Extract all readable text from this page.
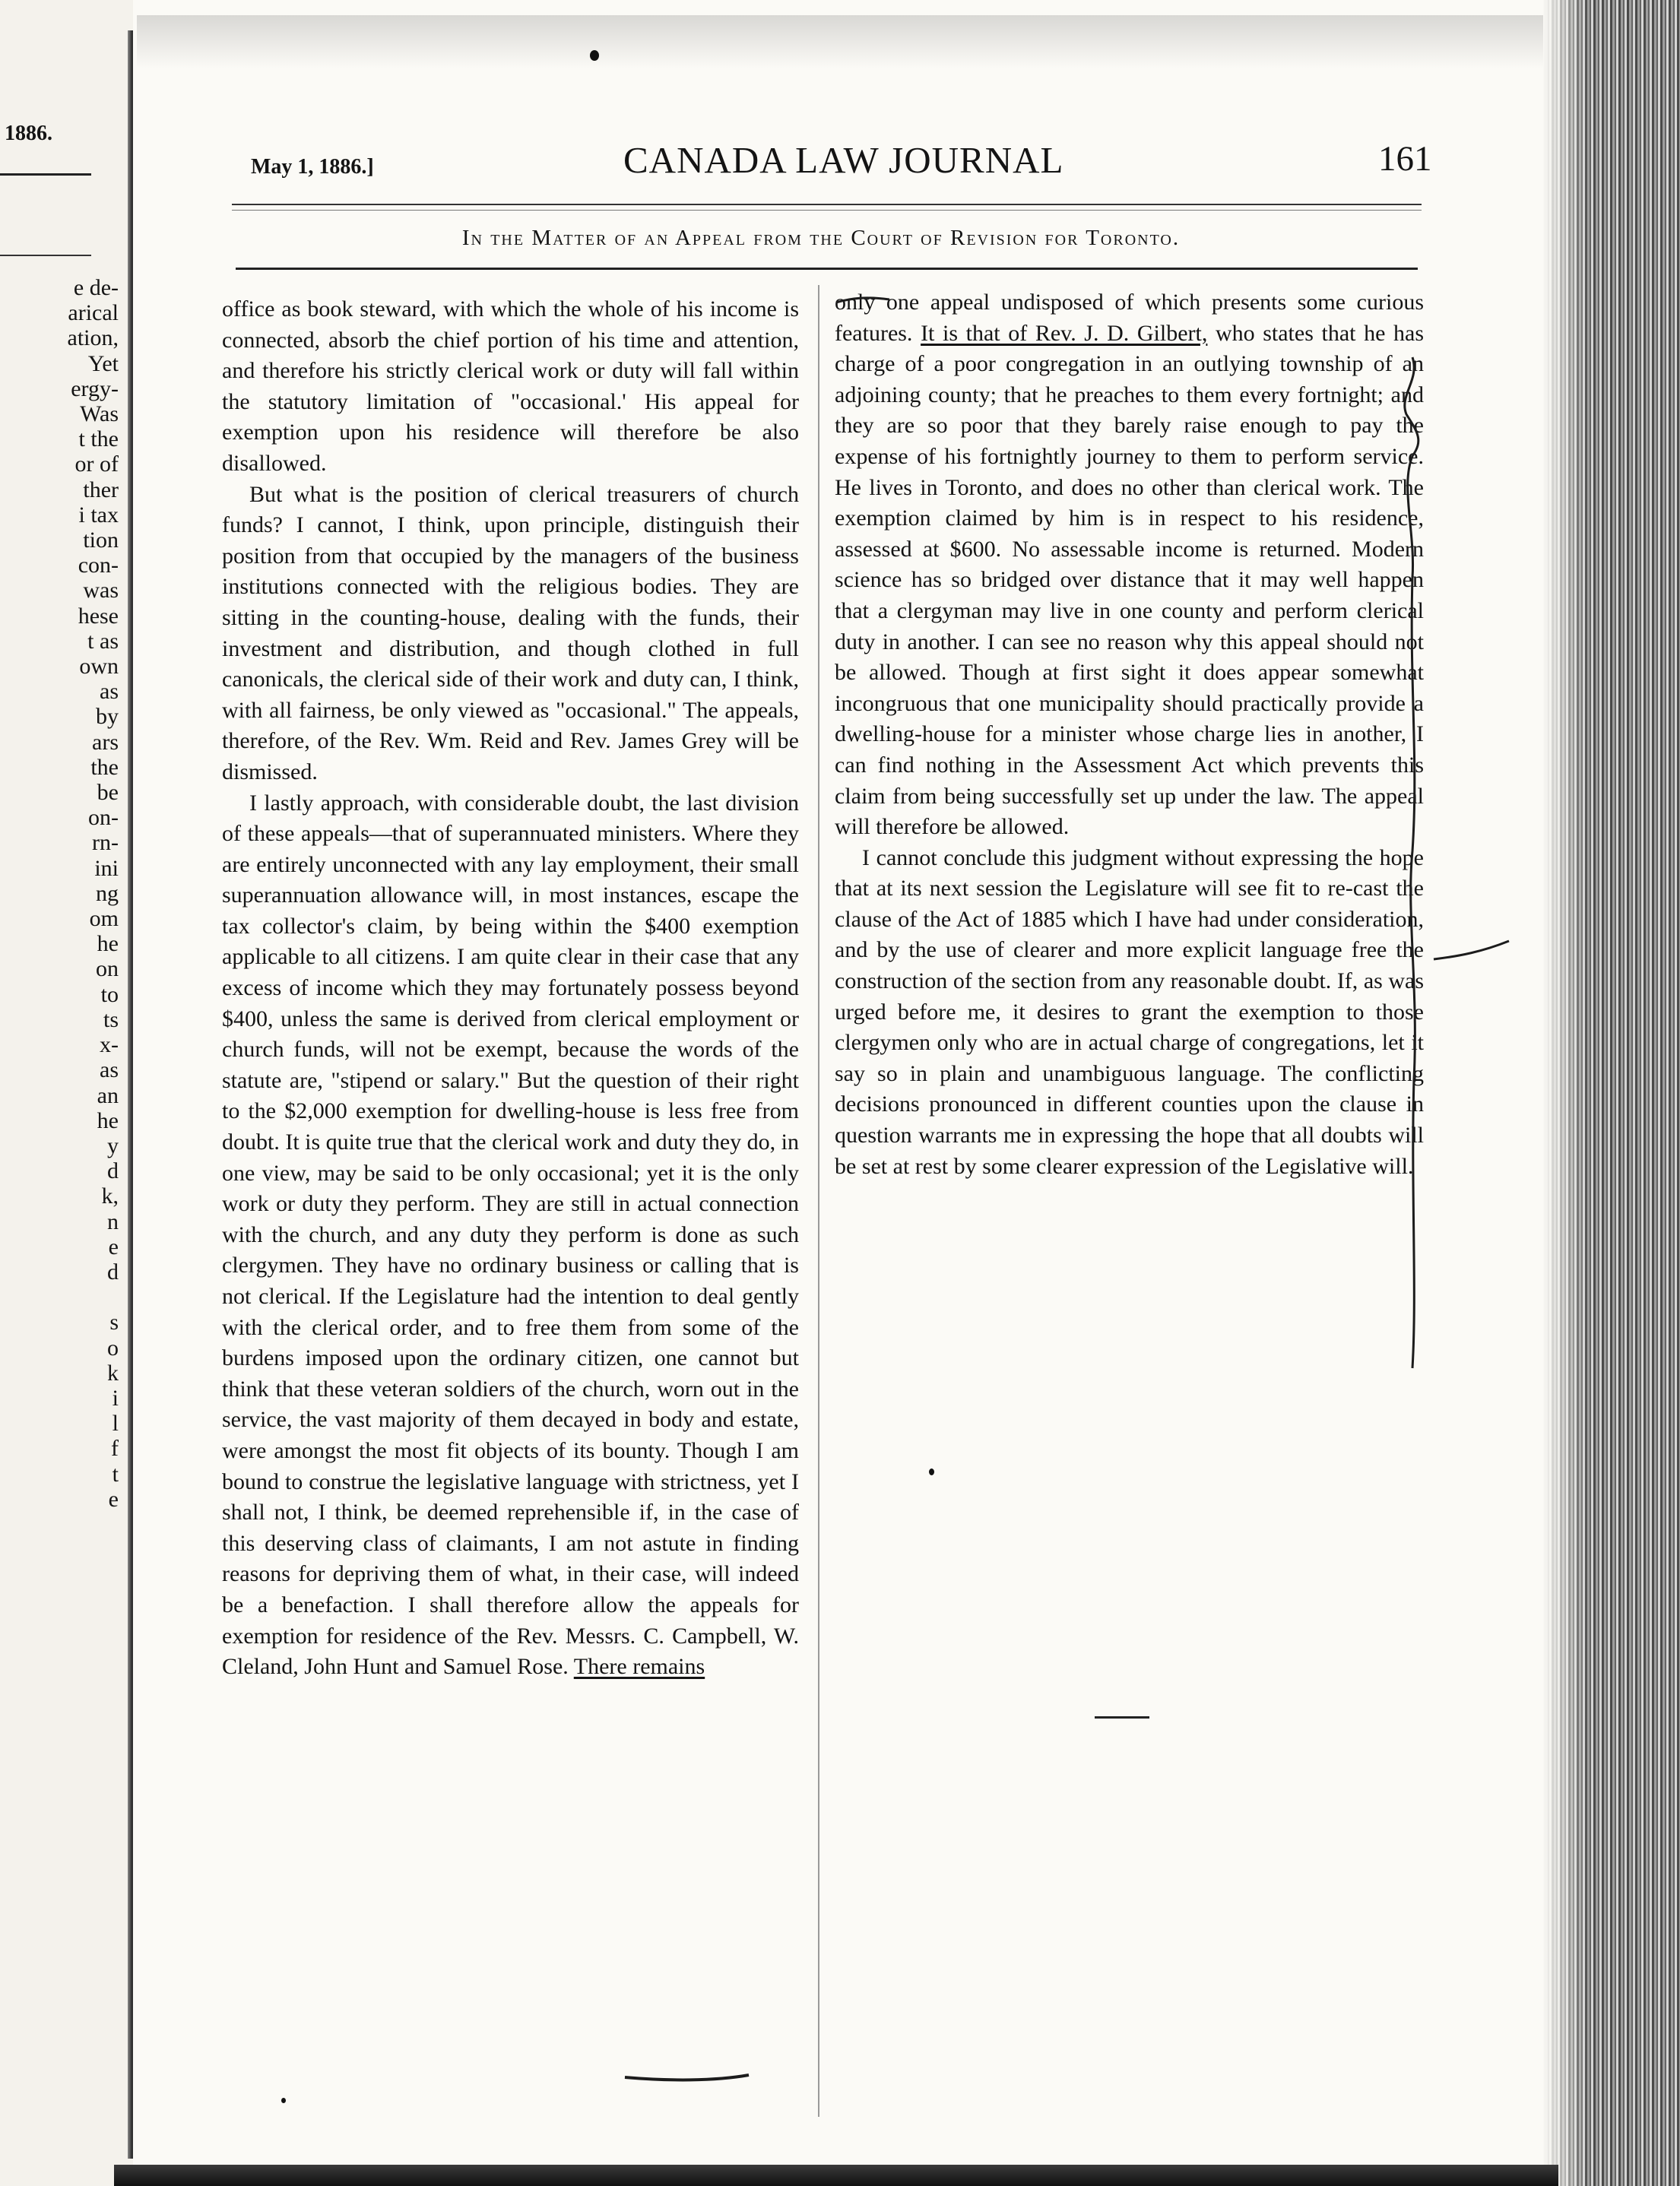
1886.
e de-
arical
ation,
Yet
ergy-
Was
t the
or of
ther
i tax
tion
con-
was
hese
t as
own
as
by
ars
the
be
on-
rn-
ini
ng
om
he
on
to
ts
x-
as
an
he
y
d
k,
n
e
d

s
o
k
i
l
f
t
e
May 1, 1886.]	CANADA LAW JOURNAL	161
In the Matter of an Appeal from the Court of Revision for Toronto.

office as book steward, with which the whole of his income is connected, absorb the chief portion of his time and attention, and therefore his strictly clerical work or duty will fall within the statutory limitation of "occasional.' His appeal for exemption upon his residence will therefore be also disallowed.

But what is the position of clerical treasurers of church funds? I cannot, I think, upon principle, distinguish their position from that occupied by the managers of the business institutions connected with the religious bodies. They are sitting in the counting-house, dealing with the funds, their investment and distribution, and though clothed in full canonicals, the clerical side of their work and duty can, I think, with all fairness, be only viewed as "occasional." The appeals, therefore, of the Rev. Wm. Reid and Rev. James Grey will be dismissed.

I lastly approach, with considerable doubt, the last division of these appeals—that of superannuated ministers. Where they are entirely unconnected with any lay employment, their small superannuation allowance will, in most instances, escape the tax collector's claim, by being within the $400 exemption applicable to all citizens. I am quite clear in their case that any excess of income which they may fortunately possess beyond $400, unless the same is derived from clerical employment or church funds, will not be exempt, because the words of the statute are, "stipend or salary." But the question of their right to the $2,000 exemption for dwelling-house is less free from doubt. It is quite true that the clerical work and duty they do, in one view, may be said to be only occasional; yet it is the only work or duty they perform. They are still in actual connection with the church, and any duty they perform is done as such clergymen. They have no ordinary business or calling that is not clerical. If the Legislature had the intention to deal gently with the clerical order, and to free them from some of the burdens imposed upon the ordinary citizen, one cannot but think that these veteran soldiers of the church, worn out in the service, the vast majority of them decayed in body and estate, were amongst the most fit objects of its bounty. Though I am bound to construe the legislative language with strictness, yet I shall not, I think, be deemed reprehensible if, in the case of this deserving class of claimants, I am not astute in finding reasons for depriving them of what, in their case, will indeed be a benefaction. I shall therefore allow the appeals for exemption for residence of the Rev. Messrs. C. Campbell, W. Cleland, John Hunt and Samuel Rose. There remains

only one appeal undisposed of which presents some curious features. It is that of Rev. J. D. Gilbert, who states that he has charge of a poor congregation in an outlying township of an adjoining county; that he preaches to them every fortnight; and they are so poor that they barely raise enough to pay the expense of his fortnightly journey to them to perform service. He lives in Toronto, and does no other than clerical work. The exemption claimed by him is in respect to his residence, assessed at $600. No assessable income is returned. Modern science has so bridged over distance that it may well happen that a clergyman may live in one county and perform clerical duty in another. I can see no reason why this appeal should not be allowed. Though at first sight it does appear somewhat incongruous that one municipality should practically provide a dwelling-house for a minister whose charge lies in another, I can find nothing in the Assessment Act which prevents this claim from being successfully set up under the law. The appeal will therefore be allowed.

I cannot conclude this judgment without expressing the hope that at its next session the Legislature will see fit to re-cast the clause of the Act of 1885 which I have had under consideration, and by the use of clearer and more explicit language free the construction of the section from any reasonable doubt. If, as was urged before me, it desires to grant the exemption to those clergymen only who are in actual charge of congregations, let it say so in plain and unambiguous language. The conflicting decisions pronounced in different counties upon the clause in question warrants me in expressing the hope that all doubts will be set at rest by some clearer expression of the Legislative will.
